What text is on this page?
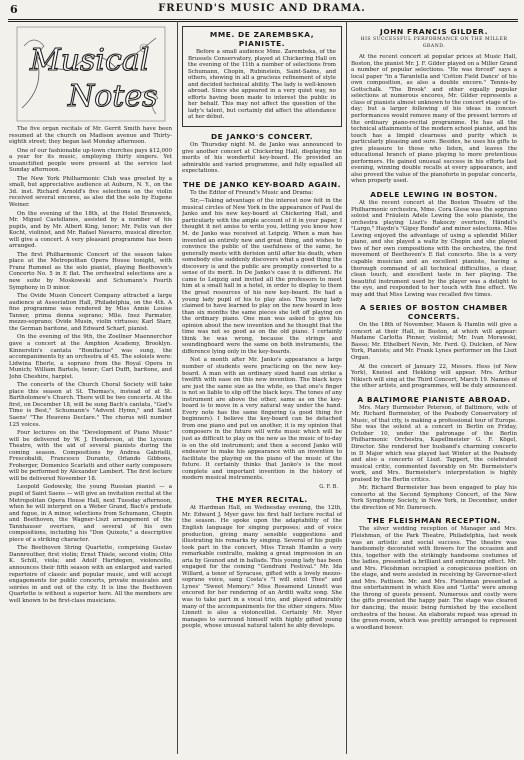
6	FREUND'S MUSIC AND DRAMA.
Musical
Notes

The five organ recitals of Mr. Gerrit Smith have been resumed at the church on Madison avenue and Thirty-eighth street; they began last Monday afternoon.

One of our fashionable up-town churches pays $12,000 a year for its music, employing thirty singers. Yet unsanctified people were present at the service last Sunday afternoon.

The New York Philharmonic Club was greeted by a small, but appreciative audience at Auburn, N. Y., on the 3d. inst. Richard Arnold's five selections on the violin received several encores, as also did the solo by Eugene Weiner.

On the evening of the 18th, at the Hotel Brunswick, Mr. Miguel Castellanos, assisted by a number of his pupils, and by Mr. Albert King, tenor; Mr. Felix van der Kocht, violinist, and Mr. Rafael Navarro, musical director, will give a concert. A very pleasant programme has been arranged.

The first Philharmonic Concert of the season takes place at the Metropolitan Opera House tonight, with Franz Rummel as the solo pianist, playing Beethoven's Concerto No. 5 in E flat. The orchestral selections are a new suite by Moskowski and Schumann's Fourth Symphony in D minor.

The Ovide Musin Concert Company attracted a large audience at Association Hall, Philadelphia, on the 4th. A fine programme was rendered by Miss Annie Louise Tanner, prima donna soprano; Mlle. Inez Parmater, mezzo-soprano; Ovide Musin, violin virtuoso; Karl Starr, the German baritone, and Edward Scharf, pianist.

On the evening of the 9th, the Zoellner Maennerchor gave a concert at the Amphion Academy, Brooklyn. Kinnerstin's cantata "Bonifacius" was sung, the accompaniments by an orchestra of 45. The soloists were: Lidwina Eberle, a soprano from the Royal Opera in Munich; William Bartels, tenor; Carl Dufft, baritone, and John Cheshire, harpist.

The concerts of the Church Choral Society will take place this season at St. Thomas's, instead of at St. Bartholomew's Church. There will be two concerts. At the first, on December 18, will be sung Bach's cantata, "God's Time is Best," Schumann's "Advent Hymn," and Saint Saens' "The Heavens Declare." The chorus will number 125 voices.

Four lectures on the "Development of Piano Music" will be delivered by W. J. Henderson, at the Lyceum Theatre, with the aid of several pianists during the coming season. Compositions by Andrea Gabrielli, Frescobaldi, Francesco Durante, Orlando Gibbons, Froberger, Domenico Scarlatti and other early composers will be performed by Alexander Lambert. The first lecture will be delivered November 18.

Leopold Godowsky, the young Russian pianist — a pupil of Saint Saens — will give an invitation recital at the Metropolitan Opera House Hall, next Tuesday afternoon, when he will interpret on a Weber Grand, Bach's prelude and fugue, in A minor, selections from Schumann, Chopin and Beethoven, the Wagner-Liszt arrangement of the Tannhauser overture, and several of his own compositions, including his "Don Quixote," a descriptive piece of a striking character.

The Beethoven String Quartette, comprising Gustav Dannreuther, first violin; Ernst Thiele, second violin; Otto K. Schill, viola; and Adolf Hartdegen, violoncello, announces their fifth season with an enlarged and varied repertoire of classic and popular music, and will accept engagements for public concerts, private musicales and soirées in and out of the city. It is line the Beethoven Quartette is without a superior here. All the members are well known to be first-class musicians.

MME. DE ZAREMBSKA, PIANISTE.

Before a small audience Mme. Zarembska, of the Brussels Conservatory, played at Chickering Hall on the evening of the 11th a number of selections from Schumann, Chopin, Rubinstein, Saint-Saëns, and others, showing in all a gracious refinement of style and decided technical ability. The lady is well-known abroad. Since she appeared in a very quiet way, no efforts having been made to interest the public in her behalf. This may not affect the question of the lady's talent, but certainly did affect the attendance at her début.

DE JANKO'S CONCERT.

On Thursday night M. de Janko was announced to give another concert at Chickering Hall, displaying the merits of his wonderful key-board. He provided an admirable and varied programme, and fully equalled all expectations.

THE DE JANKO KEY-BOARD AGAIN.

To the Editor of Freund's Music and Drama:

Sir,—Taking advantage of the interest now felt in the musical circles of New York in the appearance of Paul de Janko and his new key-board at Chickering Hall, and particularly with the ample account of it in your paper, I thought it not amiss to write you, letting you know how M. de Janko was received at Leipzig. When a man has invented an entirely new and great thing, and wishes to convince the public of the usefulness of the same, he generally meets with derision until after his death, when somebody else suddenly discovers what a good thing the discovery is and the public are promptly converted to a sense of its merit. In De Janko's case it is different. He came to Leipzig and invited all the professors to meet him at a small hall in a hotel, in order to display to them the great resources of his new key-board. He had a young lady pupil of his to play also. This young lady claimed to have learned to play on the new board in less than six months the same pieces she left off playing on the ordinary piano. One man was asked to give his opinion about the new invention and he thought that the time was not so good as on the old piano. I certainly think he was wrong, because the strings and soundingboard were the same on both instruments, the difference lying only in the key-boards.

Not a month after Mr. Janko's appearance a large number of students were practicing on the new key-board. A man with an ordinary sized hand can strike a twelfth with ease on this new invention. The black keys are just the same size as the white, so that one's finger is not so liable to slip off the black keys. The tones of any instrument are above the other, same as on the key-board is to move in a very natural way under the hand. Every note has the same fingering (a good thing for beginners). I believe the key-board can be detached from one piano and put on another, it is my opinion that composers in the future will write music which will be just as difficult to play on the new as the music of to-day is on the old instrument; and then a second Janko will endeavor to make his appearance with an invention to facilitate the playing on the piano of the music of the future. It certainly thinks that Janko's is the most complete and important invention in the history of modern musical instruments.

G. F. B.
THE MYER RECITAL.

At Hardman Hall, on Wednesday evening, the 12th, Mr. Edward J. Myer gave his first half lecture recital of the season. He spoke upon the adaptability of the English language for singing purposes; and of voice production, giving many sensible suggestions and illustrating his remarks by singing. Several of his pupils took part in the concert, Miss Tirzah Hamlin a very remarkable contralto, making a great impression in an aria by Gounod and in ballads. This young lady has been engaged for the coming "Gondrani Festival." Mr. Ida Willard, a tenor of Syracuse, gifted with a lovely mezzo-soprano voice, sang Costa's "I will extol Thee" and Lynes' "Sweet Memory." Miss Rosamond Linnett was encored for her rendering of an Arditi waltz song. She was to take part in a vocal trio, and played admirably many of the accompaniments for the other singers. Miss Linnett is also a violoncellist. Certainly Mr. Myer manages to surround himself with highly gifted young people, whose unusual natural talent he ably develops.

JOHN FRANCIS GILDER.
HIS SUCCESSFUL PERFORMANCE ON THE MILLER GRAND.

At the recent concert at popular prices at Music Hall, Boston, the pianist Mr. J. F. Gilder played on a Miller Grand a number of popular selections. "He was forced" says a local paper "in a Tarantella and 'Cotton Field Dance' of his own composition, as also a double encore." Tennis-by Gottschalk. "The Brook" and other equally popular selections at numerous encores, Mr. Gilder represents a class of pianists almost unknown to the concert stage of to-day; but a larger following of his ideas in concert performances would remove many of the present terrors of the ordinary piano-recital programme. He has all the technical attainments of the modern school pianist, and his touch has a limpid clearness and purity which is particularly pleasing and sure. Besides, he uses his gifts to give pleasure to those who listen, and leaves the educational branch of piano playing to more pretentious performers. He gained unusual success in his efforts last evening, winning double recalls at every appearance, and also proved the value of the pianoforte in popular concerts, when properly used.

ADELE LEWING IN BOSTON.

At the recent concert at the Boston Theatre of the Philharmonic orchestra, Mme. Cora Giese was the soprano soloist and Fräulein Adele Lewing the solo pianiste, the orchestra playing Liszt's Rakoczy overture, Händel's "Largo," Haydn's "Gipsy Rondo" and minor selections. Miss Lewing enjoyed the advantage of using a splendid Miller piano, and she played a waltz by Chopin and she played two of her own compositions with the orchestra, the first movement of Beethoven's E flat concerto. She is a very capable musician and an excellent pianiste, having a thorough command of all technical difficulties, a clear, clean touch, and excellent taste in her playing. The beautiful instrument used by the player was a delight to the eye, and responded to her touch with fine effect. We may add that Miss Lewing was recalled five times.

A SERIES OF BOSTON CHAMBER CONCERTS.

On the 18th of November, Mason & Hamlin will give a concert at their Hall, in Boston, at which will appear: Madame Carlotta Pinner, violinist; Mr. Ivan Morawski, Basso; Mr. Ethelbert Nevin, Mr. Ferd. Q. Dulcken, of New York, Pianists; and Mr. Frank Lynes performer on the Liszt Organ.

At the concert of January 22, Messrs. Hess (of New York), Kneisel and Hekking will appear. Mrs. Arthur Nikisch will sing at the Third Concert, March 19. Names of the other artists, and programmes, will be duly announced.

A BALTIMORE PIANISTE ABROAD.

Mrs. Mary Burmeister Peterson, of Baltimore, wife of Mr. Richard Burmeister, of the Peabody Conservatory of Music, of that city, is making a professional tour of Europe. She was the soloist at a concert in Berlin on Friday, October 10, under the patronage of the Berlin Philharmonic Orchestra, Kapellmeister G. F. Kögel, Director. She rendered her husband's charming concerto in D Major which was played last Winter at the Peabody and also a concerto of Liszt. Tappert, the celebrated musical critic, commented favorably on Mr. Burmeister's work, and Mrs. Burmeister's interpretation is highly praised by the Berlin critics.

Mr. Richard Burmeister has been engaged to play his concerto at the Second Symphony Concert, of the New York Symphony Society, in New York, in December, under the direction of Mr. Damrosch.

THE FLEISHMAN RECEPTION.

The silver wedding reception of Manager and Mrs. Fleishman, of the Park Theatre, Philadelphia, last week was an artistic and social success. The theatre was handsomely decorated with flowers for the occasion and this, together with the strikingly handsome costumes of the ladies, presented a brilliant and entrancing effect. Mr. and Mrs. Fleishman occupied a conspicuous position on the stage, and were assisted in receiving by Governor-elect and Mrs. Pattison. Mr. and Mrs. Fleishman presented a fine entertainment in which Kiss and "Lotta" were among the throng of guests present. Numerous and costly were the gifts presented the happy pair. The stage was cleared for dancing, the music being furnished by the excellent orchestra of the house. An elaborate repast was spread in the green-room, which was prettily arranged to represent a woodland bower.
